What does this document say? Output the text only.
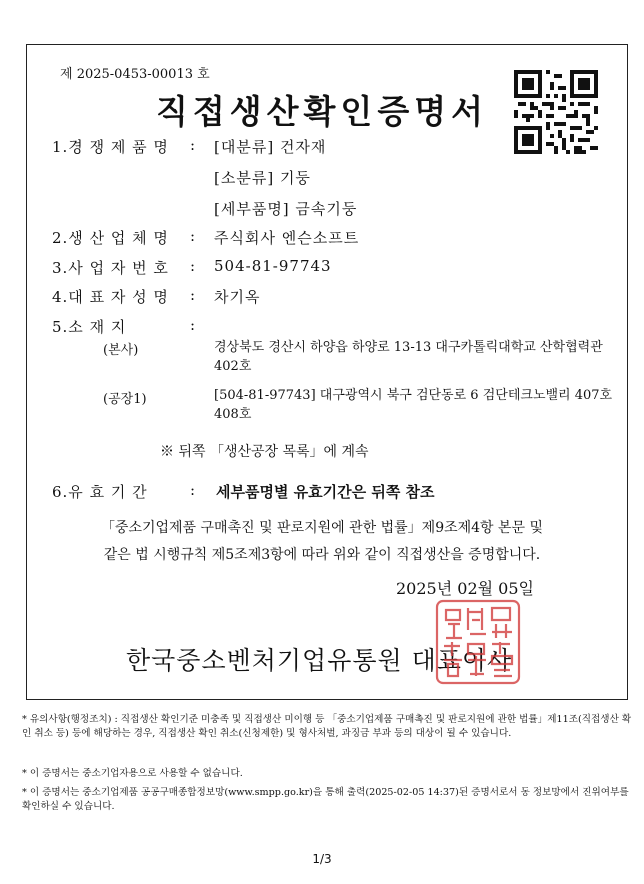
제 2025-0453-00013 호
직접생산확인증명서
1.경 쟁 제 품 명 : [대분류] 건자재
[소분류] 기둥
[세부품명] 금속기둥
2.생 산 업 체 명 : 주식회사 엔슨소프트
3.사 업 자 번 호 : 504-81-97743
4.대 표 자 성 명 : 차기옥
5.소 재 지	:
(본사)	경상북도 경산시 하양읍 하양로 13-13 대구카톨릭대학교 산학협력관 402호
(공장1)	[504-81-97743] 대구광역시 북구 검단동로 6 검단테크노밸리 407호 408호
※ 뒤쪽 「생산공장 목록」에 계속
6.유 효 기 간	: 세부품명별 유효기간은 뒤쪽 참조
「중소기업제품 구매촉진 및 판로지원에 관한 법률」제9조제4항 본문 및
같은 법 시행규칙 제5조제3항에 따라 위와 같이 직접생산을 증명합니다.
2025년 02월 05일
한국중소벤처기업유통원 대표이사
* 유의사항(행정조치) : 직접생산 확인기준 미충족 및 직접생산 미이행 등 「중소기업제품 구매촉진 및 판로지원에 관한 법률」제11조(직접생산 확인 취소 등) 등에 해당하는 경우, 직접생산 확인 취소(신청제한) 및 형사처벌, 과징금 부과 등의 대상이 될 수 있습니다.
* 이 증명서는 중소기업자용으로 사용할 수 없습니다.
* 이 증명서는 중소기업제품 공공구매종합정보망(www.smpp.go.kr)을 통해 출력(2025-02-05 14:37)된 증명서로서 동 정보망에서 진위여부를 확인하실 수 있습니다.
1/3
